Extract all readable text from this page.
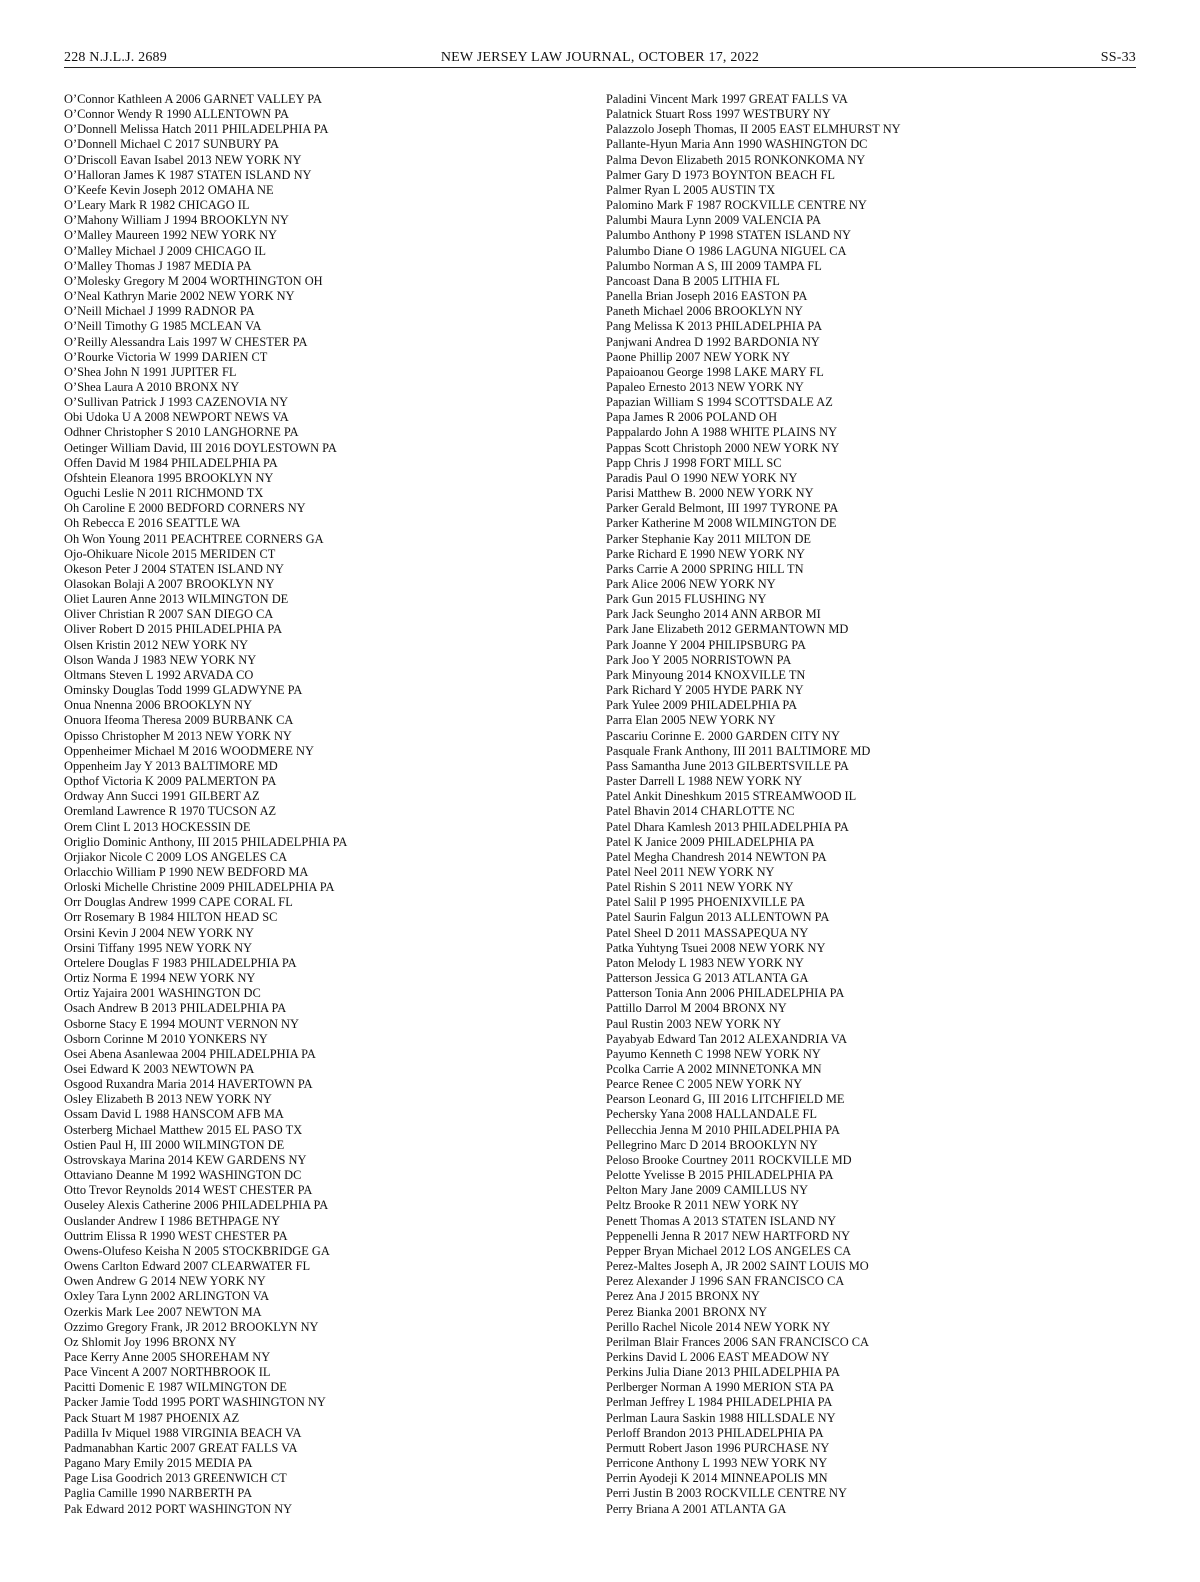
NEW JERSEY LAW JOURNAL, OCTOBER 17, 2022
228 N.J.L.J. 2689	SS-33
O’Connor Kathleen A 2006 GARNET VALLEY PA
O’Connor Wendy R 1990 ALLENTOWN PA
O’Donnell Melissa Hatch 2011 PHILADELPHIA PA
O’Donnell Michael C 2017 SUNBURY PA
O’Driscoll Eavan Isabel 2013 NEW YORK NY
O’Halloran James K 1987 STATEN ISLAND NY
O’Keefe Kevin Joseph 2012 OMAHA NE
O’Leary Mark R 1982 CHICAGO IL
O’Mahony William J 1994 BROOKLYN NY
O’Malley Maureen 1992 NEW YORK NY
O’Malley Michael J 2009 CHICAGO IL
O’Malley Thomas J 1987 MEDIA PA
O’Molesky Gregory M 2004 WORTHINGTON OH
O’Neal Kathryn Marie 2002 NEW YORK NY
O’Neill Michael J 1999 RADNOR PA
O’Neill Timothy G 1985 MCLEAN VA
O’Reilly Alessandra Lais 1997 W CHESTER PA
O’Rourke Victoria W 1999 DARIEN CT
O’Shea John N 1991 JUPITER FL
O’Shea Laura A 2010 BRONX NY
O’Sullivan Patrick J 1993 CAZENOVIA NY
Obi Udoka U A 2008 NEWPORT NEWS VA
Odhner Christopher S 2010 LANGHORNE PA
Oetinger William David, III 2016 DOYLESTOWN PA
Offen David M 1984 PHILADELPHIA PA
Ofshtein Eleanora 1995 BROOKLYN NY
Oguchi Leslie N 2011 RICHMOND TX
Oh Caroline E 2000 BEDFORD CORNERS NY
Oh Rebecca E 2016 SEATTLE WA
Oh Won Young 2011 PEACHTREE CORNERS GA
Ojo-Ohikuare Nicole 2015 MERIDEN CT
Okeson Peter J 2004 STATEN ISLAND NY
Olasokan Bolaji A 2007 BROOKLYN NY
Oliet Lauren Anne 2013 WILMINGTON DE
Oliver Christian R 2007 SAN DIEGO CA
Oliver Robert D 2015 PHILADELPHIA PA
Olsen Kristin 2012 NEW YORK NY
Olson Wanda J 1983 NEW YORK NY
Oltmans Steven L 1992 ARVADA CO
Ominsky Douglas Todd 1999 GLADWYNE PA
Onua Nnenna 2006 BROOKLYN NY
Onuora Ifeoma Theresa 2009 BURBANK CA
Opisso Christopher M 2013 NEW YORK NY
Oppenheimer Michael M 2016 WOODMERE NY
Oppenheim Jay Y 2013 BALTIMORE MD
Opthof Victoria K 2009 PALMERTON PA
Ordway Ann Succi 1991 GILBERT AZ
Oremland Lawrence R 1970 TUCSON AZ
Orem Clint L 2013 HOCKESSIN DE
Origlio Dominic Anthony, III 2015 PHILADELPHIA PA
Orjiakor Nicole C 2009 LOS ANGELES CA
Orlacchio William P 1990 NEW BEDFORD MA
Orloski Michelle Christine 2009 PHILADELPHIA PA
Orr Douglas Andrew 1999 CAPE CORAL FL
Orr Rosemary B 1984 HILTON HEAD SC
Orsini Kevin J 2004 NEW YORK NY
Orsini Tiffany 1995 NEW YORK NY
Ortelere Douglas F 1983 PHILADELPHIA PA
Ortiz Norma E 1994 NEW YORK NY
Ortiz Yajaira 2001 WASHINGTON DC
Osach Andrew B 2013 PHILADELPHIA PA
Osborne Stacy E 1994 MOUNT VERNON NY
Osborn Corinne M 2010 YONKERS NY
Osei Abena Asanlewaa 2004 PHILADELPHIA PA
Osei Edward K 2003 NEWTOWN PA
Osgood Ruxandra Maria 2014 HAVERTOWN PA
Osley Elizabeth B 2013 NEW YORK NY
Ossam David L 1988 HANSCOM AFB MA
Osterberg Michael Matthew 2015 EL PASO TX
Ostien Paul H, III 2000 WILMINGTON DE
Ostrovskaya Marina 2014 KEW GARDENS NY
Ottaviano Deanne M 1992 WASHINGTON DC
Otto Trevor Reynolds 2014 WEST CHESTER PA
Ouseley Alexis Catherine 2006 PHILADELPHIA PA
Ouslander Andrew I 1986 BETHPAGE NY
Outtrim Elissa R 1990 WEST CHESTER PA
Owens-Olufeso Keisha N 2005 STOCKBRIDGE GA
Owens Carlton Edward 2007 CLEARWATER FL
Owen Andrew G 2014 NEW YORK NY
Oxley Tara Lynn 2002 ARLINGTON VA
Ozerkis Mark Lee 2007 NEWTON MA
Ozzimo Gregory Frank, JR 2012 BROOKLYN NY
Oz Shlomit Joy 1996 BRONX NY
Pace Kerry Anne 2005 SHOREHAM NY
Pace Vincent A 2007 NORTHBROOK IL
Pacitti Domenic E 1987 WILMINGTON DE
Packer Jamie Todd 1995 PORT WASHINGTON NY
Pack Stuart M 1987 PHOENIX AZ
Padilla Iv Miquel 1988 VIRGINIA BEACH VA
Padmanabhan Kartic 2007 GREAT FALLS VA
Pagano Mary Emily 2015 MEDIA PA
Page Lisa Goodrich 2013 GREENWICH CT
Paglia Camille 1990 NARBERTH PA
Pak Edward 2012 PORT WASHINGTON NY
Paladini Vincent Mark 1997 GREAT FALLS VA
Palatnick Stuart Ross 1997 WESTBURY NY
Palazzolo Joseph Thomas, II 2005 EAST ELMHURST NY
Pallante-Hyun Maria Ann 1990 WASHINGTON DC
Palma Devon Elizabeth 2015 RONKONKOMA NY
Palmer Gary D 1973 BOYNTON BEACH FL
Palmer Ryan L 2005 AUSTIN TX
Palomino Mark F 1987 ROCKVILLE CENTRE NY
Palumbi Maura Lynn 2009 VALENCIA PA
Palumbo Anthony P 1998 STATEN ISLAND NY
Palumbo Diane O 1986 LAGUNA NIGUEL CA
Palumbo Norman A S, III 2009 TAMPA FL
Pancoast Dana B 2005 LITHIA FL
Panella Brian Joseph 2016 EASTON PA
Paneth Michael 2006 BROOKLYN NY
Pang Melissa K 2013 PHILADELPHIA PA
Panjwani Andrea D 1992 BARDONIA NY
Paone Phillip 2007 NEW YORK NY
Papaioanou George 1998 LAKE MARY FL
Papaleo Ernesto 2013 NEW YORK NY
Papazian William S 1994 SCOTTSDALE AZ
Papa James R 2006 POLAND OH
Pappalardo John A 1988 WHITE PLAINS NY
Pappas Scott Christoph 2000 NEW YORK NY
Papp Chris J 1998 FORT MILL SC
Paradis Paul O 1990 NEW YORK NY
Parisi Matthew B. 2000 NEW YORK NY
Parker Gerald Belmont, III 1997 TYRONE PA
Parker Katherine M 2008 WILMINGTON DE
Parker Stephanie Kay 2011 MILTON DE
Parke Richard E 1990 NEW YORK NY
Parks Carrie A 2000 SPRING HILL TN
Park Alice 2006 NEW YORK NY
Park Gun 2015 FLUSHING NY
Park Jack Seungho 2014 ANN ARBOR MI
Park Jane Elizabeth 2012 GERMANTOWN MD
Park Joanne Y 2004 PHILIPSBURG PA
Park Joo Y 2005 NORRISTOWN PA
Park Minyoung 2014 KNOXVILLE TN
Park Richard Y 2005 HYDE PARK NY
Park Yulee 2009 PHILADELPHIA PA
Parra Elan 2005 NEW YORK NY
Pascariu Corinne E. 2000 GARDEN CITY NY
Pasquale Frank Anthony, III 2011 BALTIMORE MD
Pass Samantha June 2013 GILBERTSVILLE PA
Paster Darrell L 1988 NEW YORK NY
Patel Ankit Dineshkum 2015 STREAMWOOD IL
Patel Bhavin 2014 CHARLOTTE NC
Patel Dhara Kamlesh 2013 PHILADELPHIA PA
Patel K Janice 2009 PHILADELPHIA PA
Patel Megha Chandresh 2014 NEWTON PA
Patel Neel 2011 NEW YORK NY
Patel Rishin S 2011 NEW YORK NY
Patel Salil P 1995 PHOENIXVILLE PA
Patel Saurin Falgun 2013 ALLENTOWN PA
Patel Sheel D 2011 MASSAPEQUA NY
Patka Yuhtyng Tsuei 2008 NEW YORK NY
Paton Melody L 1983 NEW YORK NY
Patterson Jessica G 2013 ATLANTA GA
Patterson Tonia Ann 2006 PHILADELPHIA PA
Pattillo Darrol M 2004 BRONX NY
Paul Rustin 2003 NEW YORK NY
Payabyab Edward Tan 2012 ALEXANDRIA VA
Payumo Kenneth C 1998 NEW YORK NY
Pcolka Carrie A 2002 MINNETONKA MN
Pearce Renee C 2005 NEW YORK NY
Pearson Leonard G, III 2016 LITCHFIELD ME
Pechersky Yana 2008 HALLANDALE FL
Pellecchia Jenna M 2010 PHILADELPHIA PA
Pellegrino Marc D 2014 BROOKLYN NY
Peloso Brooke Courtney 2011 ROCKVILLE MD
Pelotte Yvelisse B 2015 PHILADELPHIA PA
Pelton Mary Jane 2009 CAMILLUS NY
Peltz Brooke R 2011 NEW YORK NY
Penett Thomas A 2013 STATEN ISLAND NY
Peppenelli Jenna R 2017 NEW HARTFORD NY
Pepper Bryan Michael 2012 LOS ANGELES CA
Perez-Maltes Joseph A, JR 2002 SAINT LOUIS MO
Perez Alexander J 1996 SAN FRANCISCO CA
Perez Ana J 2015 BRONX NY
Perez Bianka 2001 BRONX NY
Perillo Rachel Nicole 2014 NEW YORK NY
Perilman Blair Frances 2006 SAN FRANCISCO CA
Perkins David L 2006 EAST MEADOW NY
Perkins Julia Diane 2013 PHILADELPHIA PA
Perlberger Norman A 1990 MERION STA PA
Perlman Jeffrey L 1984 PHILADELPHIA PA
Perlman Laura Saskin 1988 HILLSDALE NY
Perloff Brandon 2013 PHILADELPHIA PA
Permutt Robert Jason 1996 PURCHASE NY
Perricone Anthony L 1993 NEW YORK NY
Perrin Ayodeji K 2014 MINNEAPOLIS MN
Perri Justin B 2003 ROCKVILLE CENTRE NY
Perry Briana A 2001 ATLANTA GA
